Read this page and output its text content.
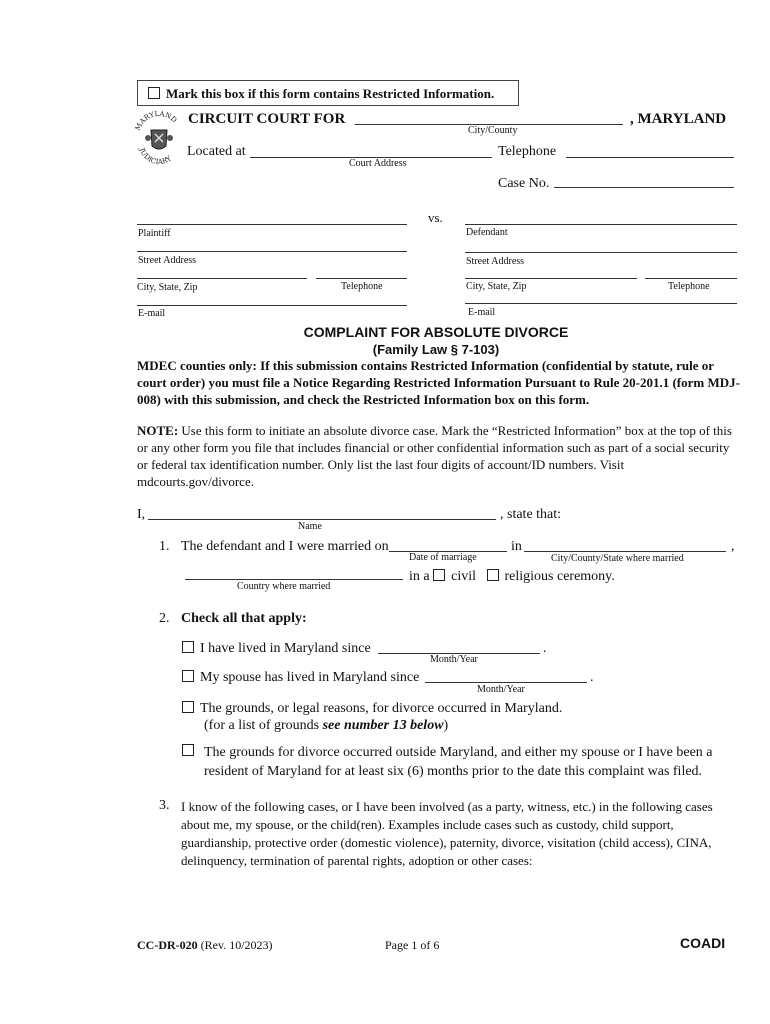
Mark this box if this form contains Restricted Information.
MARYLAND
JUDICIARY
CIRCUIT COURT FOR	, MARYLAND
City/County
Located at
Court Address
Telephone
Case No.
vs.
Plaintiff	Defendant
Street Address	Street Address
City, State, Zip	Telephone	City, State, Zip	Telephone
E-mail	E-mail
COMPLAINT FOR ABSOLUTE DIVORCE
(Family Law § 7-103)
MDEC counties only: If this submission contains Restricted Information (confidential by statute, rule or court order) you must file a Notice Regarding Restricted Information Pursuant to Rule 20-201.1 (form MDJ-008) with this submission, and check the Restricted Information box on this form.
NOTE: Use this form to initiate an absolute divorce case. Mark the “Restricted Information” box at the top of this or any other form you file that includes financial or other confidential information such as part of a social security or federal tax identification number. Only list the last four digits of account/ID numbers. Visit mdcourts.gov/divorce.
I,	, state that:
Name
1. The defendant and I were married on	in	,
Date of marriage	City/County/State where married
in a civil religious ceremony.
Country where married
2. Check all that apply:
I have lived in Maryland since	.
Month/Year
My spouse has lived in Maryland since	.
Month/Year
The grounds, or legal reasons, for divorce occurred in Maryland.
(for a list of grounds see number 13 below)
The grounds for divorce occurred outside Maryland, and either my spouse or I have been a resident of Maryland for at least six (6) months prior to the date this complaint was filed.
3. I know of the following cases, or I have been involved (as a party, witness, etc.) in the following cases about me, my spouse, or the child(ren). Examples include cases such as custody, child support, guardianship, protective order (domestic violence), paternity, divorce, visitation (child access), CINA, delinquency, termination of parental rights, adoption or other cases:
CC-DR-020 (Rev. 10/2023)	Page 1 of 6	COADI
